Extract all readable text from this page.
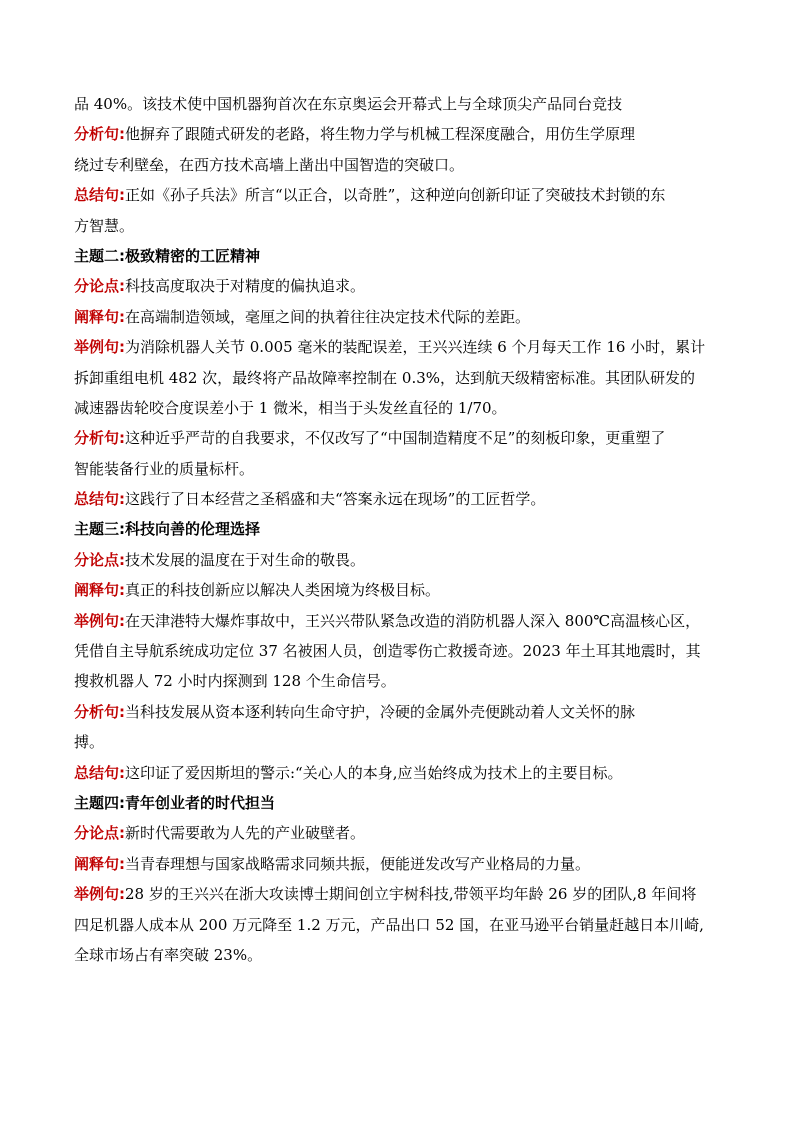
品 40%。该技术使中国机器狗首次在东京奥运会开幕式上与全球顶尖产品同台竞技
分析句:他摒弃了跟随式研发的老路，将生物力学与机械工程深度融合，用仿生学原理
绕过专利壁垒，在西方技术高墙上凿出中国智造的突破口。
总结句:正如《孙子兵法》所言“以正合，以奇胜”，这种逆向创新印证了突破技术封锁的东
方智慧。
主题二:极致精密的工匠精神
分论点:科技高度取决于对精度的偏执追求。
阐释句:在高端制造领域，毫厘之间的执着往往决定技术代际的差距。
举例句:为消除机器人关节 0.005 毫米的装配误差，王兴兴连续 6 个月每天工作 16 小时，累计
拆卸重组电机 482 次，最终将产品故障率控制在 0.3%，达到航天级精密标准。其团队研发的
减速器齿轮咬合度误差小于 1 微米，相当于头发丝直径的 1/70。
分析句:这种近乎严苛的自我要求，不仅改写了“中国制造精度不足”的刻板印象，更重塑了
智能装备行业的质量标杆。
总结句:这践行了日本经营之圣稻盛和夫“答案永远在现场”的工匠哲学。
主题三:科技向善的伦理选择
分论点:技术发展的温度在于对生命的敬畏。
阐释句:真正的科技创新应以解决人类困境为终极目标。
举例句:在天津港特大爆炸事故中，王兴兴带队紧急改造的消防机器人深入 800℃高温核心区，
凭借自主导航系统成功定位 37 名被困人员，创造零伤亡救援奇迹。2023 年土耳其地震时，其
搜救机器人 72 小时内探测到 128 个生命信号。
分析句:当科技发展从资本逐利转向生命守护，冷硬的金属外壳便跳动着人文关怀的脉
搏。
总结句:这印证了爱因斯坦的警示:“关心人的本身,应当始终成为技术上的主要目标。
主题四:青年创业者的时代担当
分论点:新时代需要敢为人先的产业破壁者。
阐释句:当青春理想与国家战略需求同频共振，便能迸发改写产业格局的力量。
举例句:28 岁的王兴兴在浙大攻读博士期间创立宇树科技,带领平均年龄 26 岁的团队,8 年间将
四足机器人成本从 200 万元降至 1.2 万元，产品出口 52 国，在亚马逊平台销量赶越日本川崎,
全球市场占有率突破 23%。
